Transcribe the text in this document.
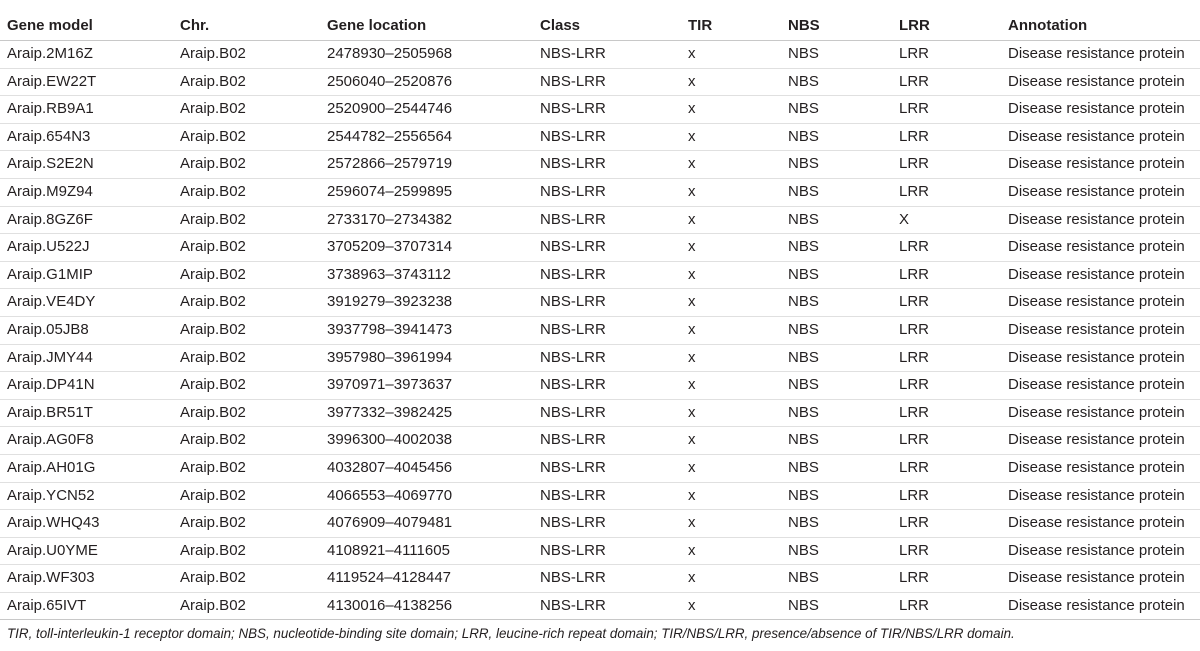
Gene model	Chr.	Gene location	Class	TIR	NBS	LRR	Annotation
Araip.2M16Z	Araip.B02	2478930–2505968	NBS-LRR	x	NBS	LRR	Disease resistance protein
Araip.EW22T	Araip.B02	2506040–2520876	NBS-LRR	x	NBS	LRR	Disease resistance protein
Araip.RB9A1	Araip.B02	2520900–2544746	NBS-LRR	x	NBS	LRR	Disease resistance protein
Araip.654N3	Araip.B02	2544782–2556564	NBS-LRR	x	NBS	LRR	Disease resistance protein
Araip.S2E2N	Araip.B02	2572866–2579719	NBS-LRR	x	NBS	LRR	Disease resistance protein
Araip.M9Z94	Araip.B02	2596074–2599895	NBS-LRR	x	NBS	LRR	Disease resistance protein
Araip.8GZ6F	Araip.B02	2733170–2734382	NBS-LRR	x	NBS	X	Disease resistance protein
Araip.U522J	Araip.B02	3705209–3707314	NBS-LRR	x	NBS	LRR	Disease resistance protein
Araip.G1MIP	Araip.B02	3738963–3743112	NBS-LRR	x	NBS	LRR	Disease resistance protein
Araip.VE4DY	Araip.B02	3919279–3923238	NBS-LRR	x	NBS	LRR	Disease resistance protein
Araip.05JB8	Araip.B02	3937798–3941473	NBS-LRR	x	NBS	LRR	Disease resistance protein
Araip.JMY44	Araip.B02	3957980–3961994	NBS-LRR	x	NBS	LRR	Disease resistance protein
Araip.DP41N	Araip.B02	3970971–3973637	NBS-LRR	x	NBS	LRR	Disease resistance protein
Araip.BR51T	Araip.B02	3977332–3982425	NBS-LRR	x	NBS	LRR	Disease resistance protein
Araip.AG0F8	Araip.B02	3996300–4002038	NBS-LRR	x	NBS	LRR	Disease resistance protein
Araip.AH01G	Araip.B02	4032807–4045456	NBS-LRR	x	NBS	LRR	Disease resistance protein
Araip.YCN52	Araip.B02	4066553–4069770	NBS-LRR	x	NBS	LRR	Disease resistance protein
Araip.WHQ43	Araip.B02	4076909–4079481	NBS-LRR	x	NBS	LRR	Disease resistance protein
Araip.U0YME	Araip.B02	4108921–4111605	NBS-LRR	x	NBS	LRR	Disease resistance protein
Araip.WF303	Araip.B02	4119524–4128447	NBS-LRR	x	NBS	LRR	Disease resistance protein
Araip.65IVT	Araip.B02	4130016–4138256	NBS-LRR	x	NBS	LRR	Disease resistance protein
TIR, toll-interleukin-1 receptor domain; NBS, nucleotide-binding site domain; LRR, leucine-rich repeat domain; TIR/NBS/LRR, presence/absence of TIR/NBS/LRR domain.
